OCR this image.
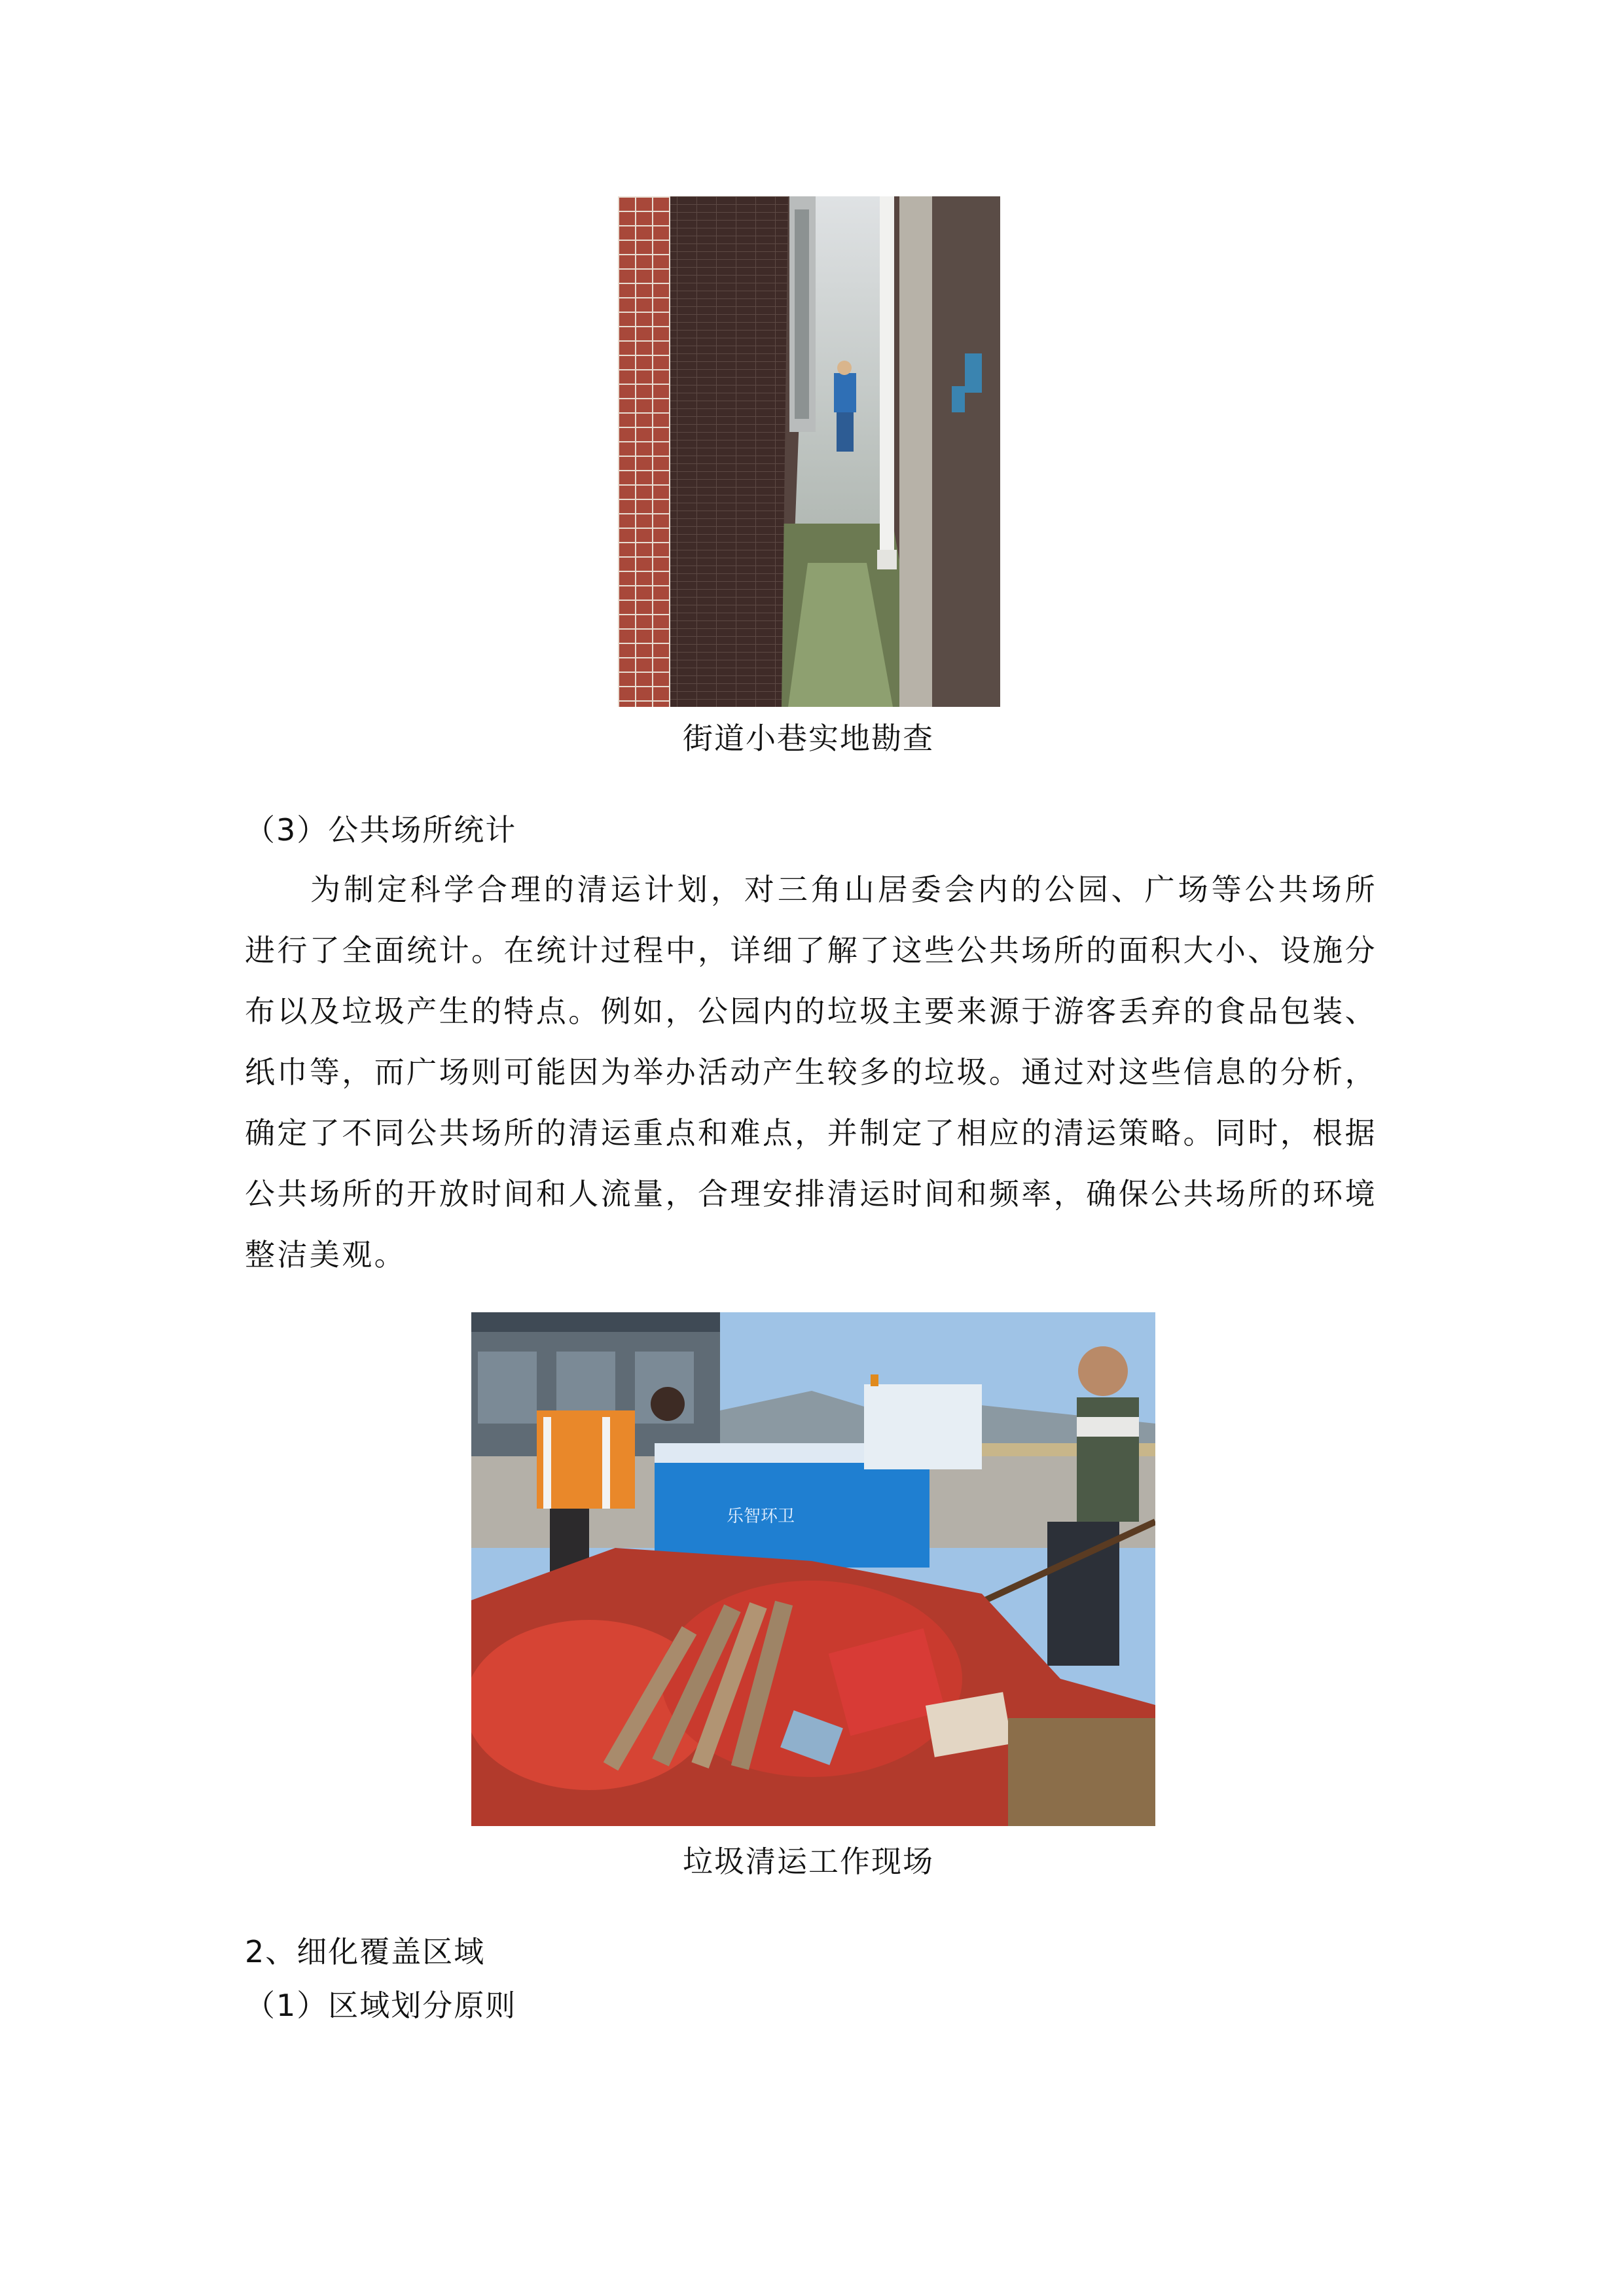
街道小巷实地勘查
（3）公共场所统计
为制定科学合理的清运计划，对三角山居委会内的公园、广场等公共场所进行了全面统计。在统计过程中，详细了解了这些公共场所的面积大小、设施分布以及垃圾产生的特点。例如，公园内的垃圾主要来源于游客丢弃的食品包装、纸巾等，而广场则可能因为举办活动产生较多的垃圾。通过对这些信息的分析，确定了不同公共场所的清运重点和难点，并制定了相应的清运策略。同时，根据公共场所的开放时间和人流量，合理安排清运时间和频率，确保公共场所的环境整洁美观。
乐智环卫
垃圾清运工作现场
2、细化覆盖区域
（1）区域划分原则
